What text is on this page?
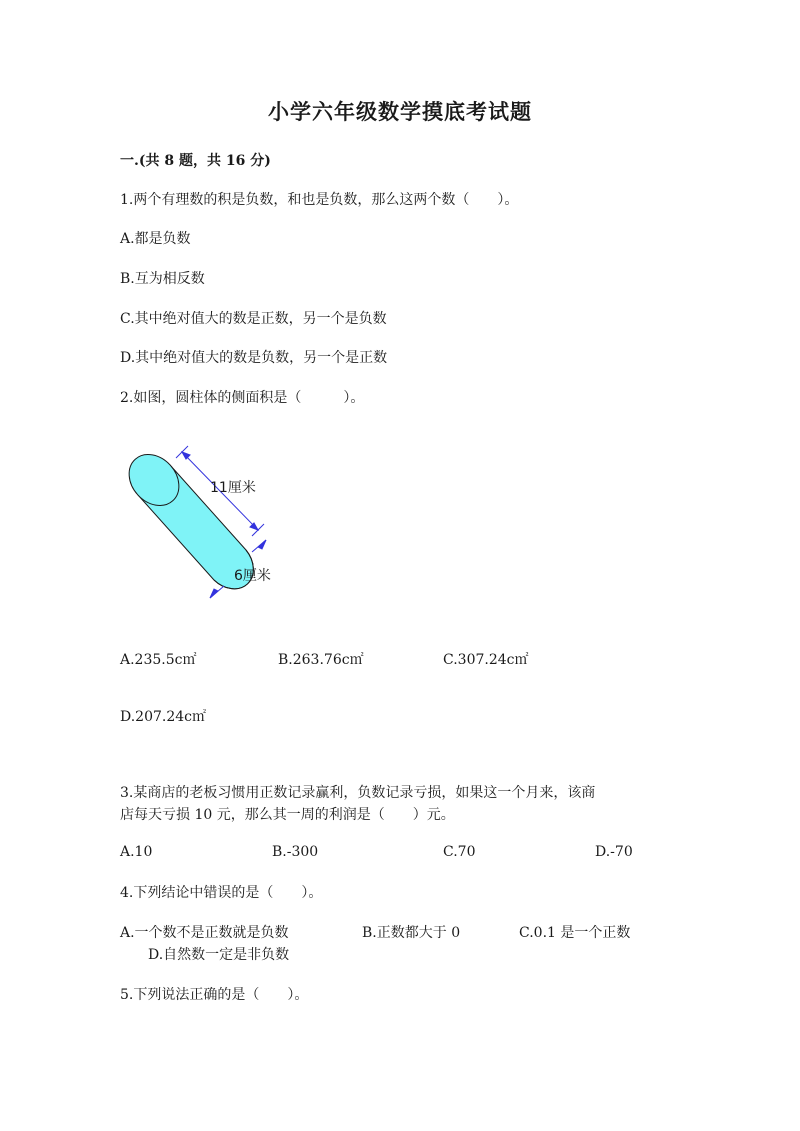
小学六年级数学摸底考试题
一.(共 8 题，共 16 分)
1.两个有理数的积是负数，和也是负数，那么这两个数（　　）。
A.都是负数
B.互为相反数
C.其中绝对值大的数是正数，另一个是负数
D.其中绝对值大的数是负数，另一个是正数
2.如图，圆柱体的侧面积是（　　　）。
11厘米
6厘米
A.235.5c㎡	B.263.76c㎡	C.307.24c㎡
D.207.24c㎡
3.某商店的老板习惯用正数记录赢利，负数记录亏损，如果这一个月来，该商
店每天亏损 10 元，那么其一周的利润是（　　）元。
A.10	B.-300	C.70	D.-70
4.下列结论中错误的是（　　）。
A.一个数不是正数就是负数	B.正数都大于 0	C.0.1 是一个正数
D.自然数一定是非负数
5.下列说法正确的是（　　）。
